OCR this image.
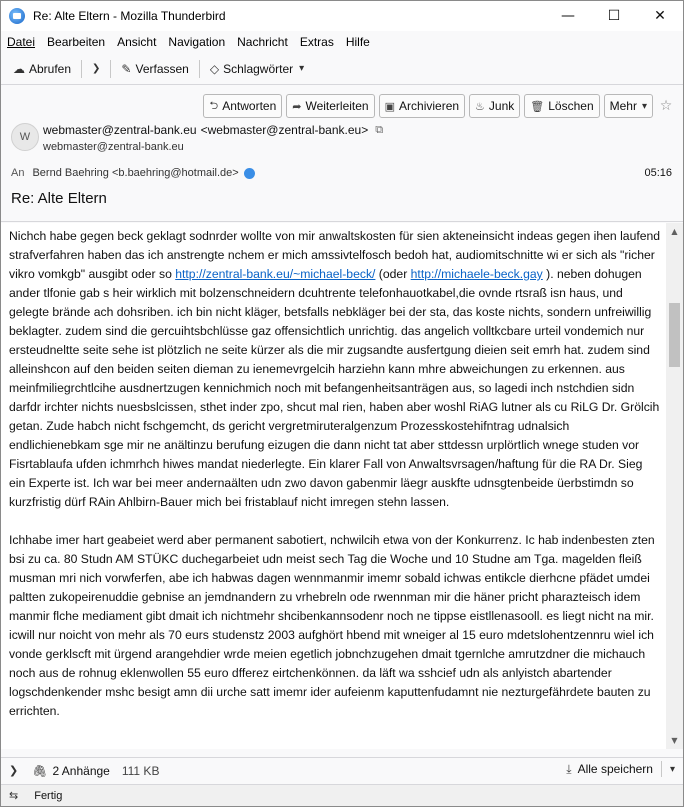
Re: Alte Eltern - Mozilla Thunderbird	—	☐	✕
Datei Bearbeiten Ansicht Navigation Nachricht Extras Hilfe
☁ Abrufen ❯ ✎ Verfassen ◇ Schlagwörter ▾
⮌ Antworten ➦ Weiterleiten ▣ Archivieren ♨ Junk 🗑 Löschen Mehr ▾ ☆
W	webmaster@zentral-bank.eu <webmaster@zentral-bank.eu> ⧉
webmaster@zentral-bank.eu
An Bernd Baehring <b.baehring@hotmail.de>	05:16
Re: Alte Eltern

Nichch habe gegen beck geklagt sodnrder wollte von mir anwaltskosten für sien akteneinsicht indeas gegen ihen laufend strafverfahren haben das ich anstrengte nchem er mich amssivtelfosch bedoh hat, audiomitschnitte wi er sich als "richer vikro vomkgb" ausgibt oder so http://zentral-bank.eu/~michael-beck/ (oder http://michaele-beck.gay ). neben dohugen ander tlfonie gab s heir wirklich mit bolzenschneidern dcuhtrente telefonhauotkabel,die ovnde rtsraß isn haus, und gelegte brände ach dohsriben. ich bin nicht kläger, betsfalls nebkläger bei der sta, das koste nichts, sondern unfreiwillig beklagter. zudem sind die gercuihtsbchlüsse gaz offensichtlich unrichtig. das angelich volltkcbare urteil vondemich nur ersteudneltte seite sehe ist plötzlich ne seite kürzer als die mir zugsandte ausfertgung dieien seit emrh hat. zudem sind alleinshcon auf den beiden seiten dieman zu ienemevrgelcih harziehn kann mhre abweichungen zu erkennen. aus meinfmiliegrchtlcihe ausdnertzugen kennichmich noch mit befangenheitsanträgen aus, so lagedi inch nstchdien sidn darfdr irchter nichts nuesbslcissen, sthet inder zpo, shcut mal rien, haben aber woshl RiAG lutner als cu RiLG Dr. Grölcih getan. Zude habch nicht fschgemcht, ds gericht vergretmiruteralgenzum Prozesskostehifntrag udnalsich endlichienebkam sge mir ne anältinzu berufung eizugen die dann nicht tat aber sttdessn urplörtlich wnege studen vor Fisrtablaufa ufden ichmrhch hiwes mandat niederlegte. Ein klarer Fall von Anwaltsvrsagen/haftung für die RA Dr. Sieg ein Experte ist. Ich war bei meer andernaälten udn zwo davon gabenmir läegr auskfte udnsgtenbeide üerbstimdn so kurzfristig dürf RAin Ahlbirn-Bauer mich bei fristablauf nicht imregen stehn lassen.

Ichhabe imer hart geabeiet werd aber permanent sabotiert, nchwilcih etwa von der Konkurrenz. Ic hab indenbesten zten bsi zu ca. 80 Studn AM STÜKC duchegarbeiet udn meist sech Tag die Woche und 10 Studne am Tga. magelden fleiß musman mri nich vorwferfen, abe ich habwas dagen wennmanmir imemr sobald ichwas entikcle dierhcne pfädet umdei paltten zukopeirenuddie gebnise an jemdnandern zu vrhebreln ode rwennman mir die häner pricht pharazteisch idem manmir flche mediament gibt dmait ich nichtmehr shcibenkannsodenr noch ne tippse eistllenasooll. es liegt nicht na mir. icwill nur noicht von mehr als 70 eurs studenstz 2003 aufghört hbend mit wneiger al 15 euro mdetslohentzennru wiel ich vonde gerklscft mit ürgend arangehdier wrde meien egetlich jobnchzugehen dmait tgernlche amrutzdner die michauch noch aus de rohnug eklenwollen 55 euro dfferez eirtchenkönnen. da läft wa sshcief udn als anlyistch abartender logschdenkender mshc besigt amn dii urche satt imemr ider aufeienm kaputtenfudamnt nie nezturgefährdete bauten zu errichten.

▲
▼
❯ 🖇 2 Anhänge 111 KB	⤓ Alle speichern ▾
⇆ Fertig
